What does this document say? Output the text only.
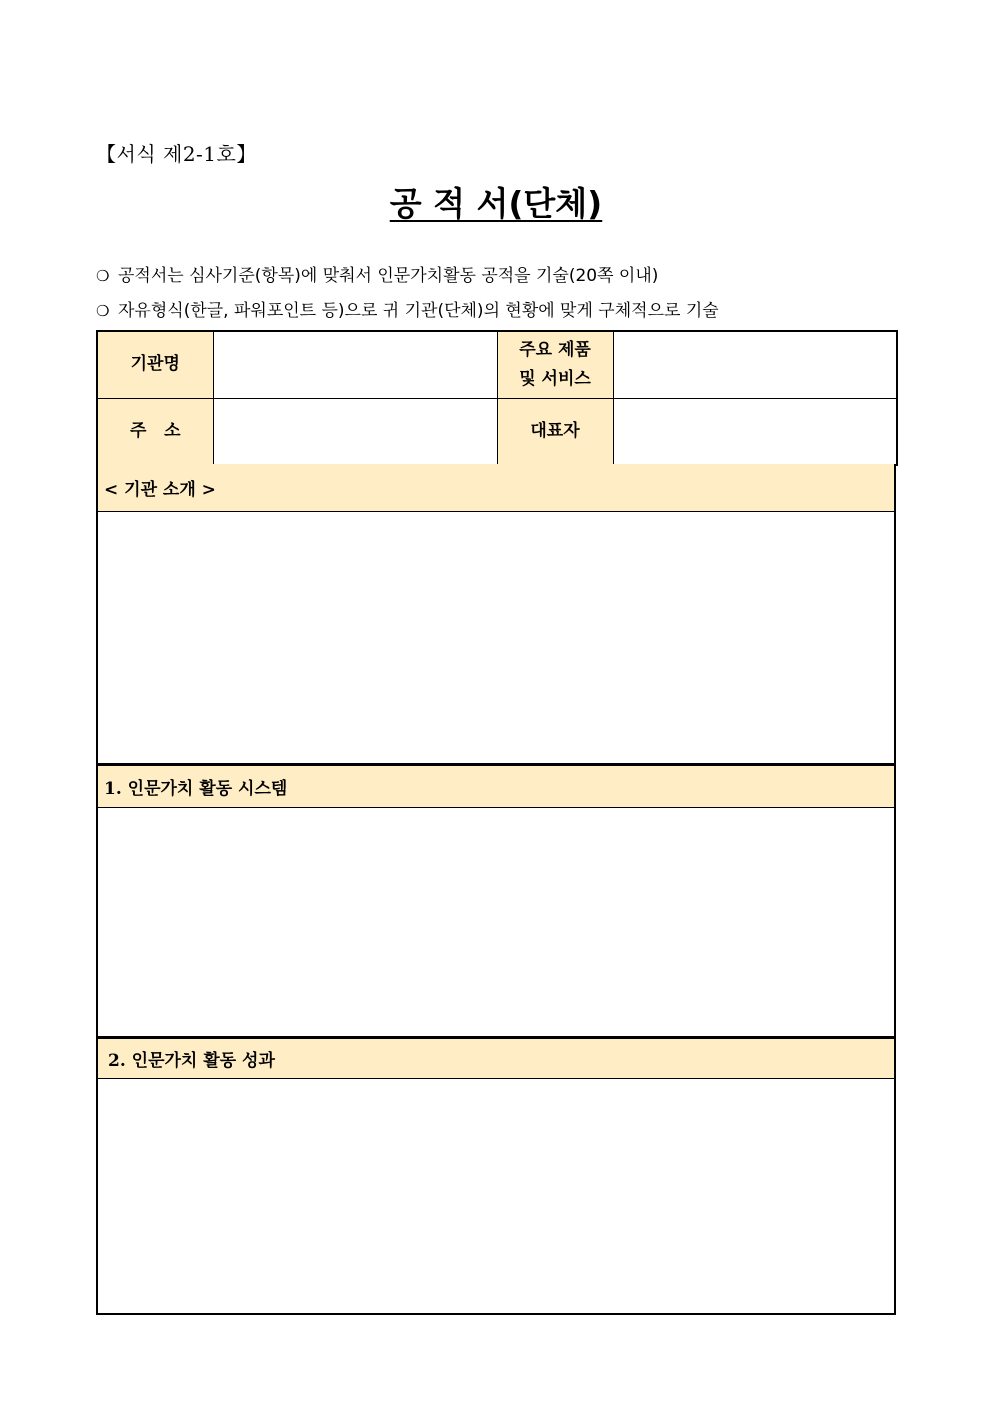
【서식 제2-1호】
공 적 서(단체)
❍ 공적서는 심사기준(항목)에 맞춰서 인문가치활동 공적을 기술(20쪽 이내)
❍ 자유형식(한글, 파워포인트 등)으로 귀 기관(단체)의 현황에 맞게 구체적으로 기술
기관명		주요 제품
및 서비스	
주   소		대표자	
< 기관 소개 >
1. 인문가치 활동 시스템
2. 인문가치 활동 성과
